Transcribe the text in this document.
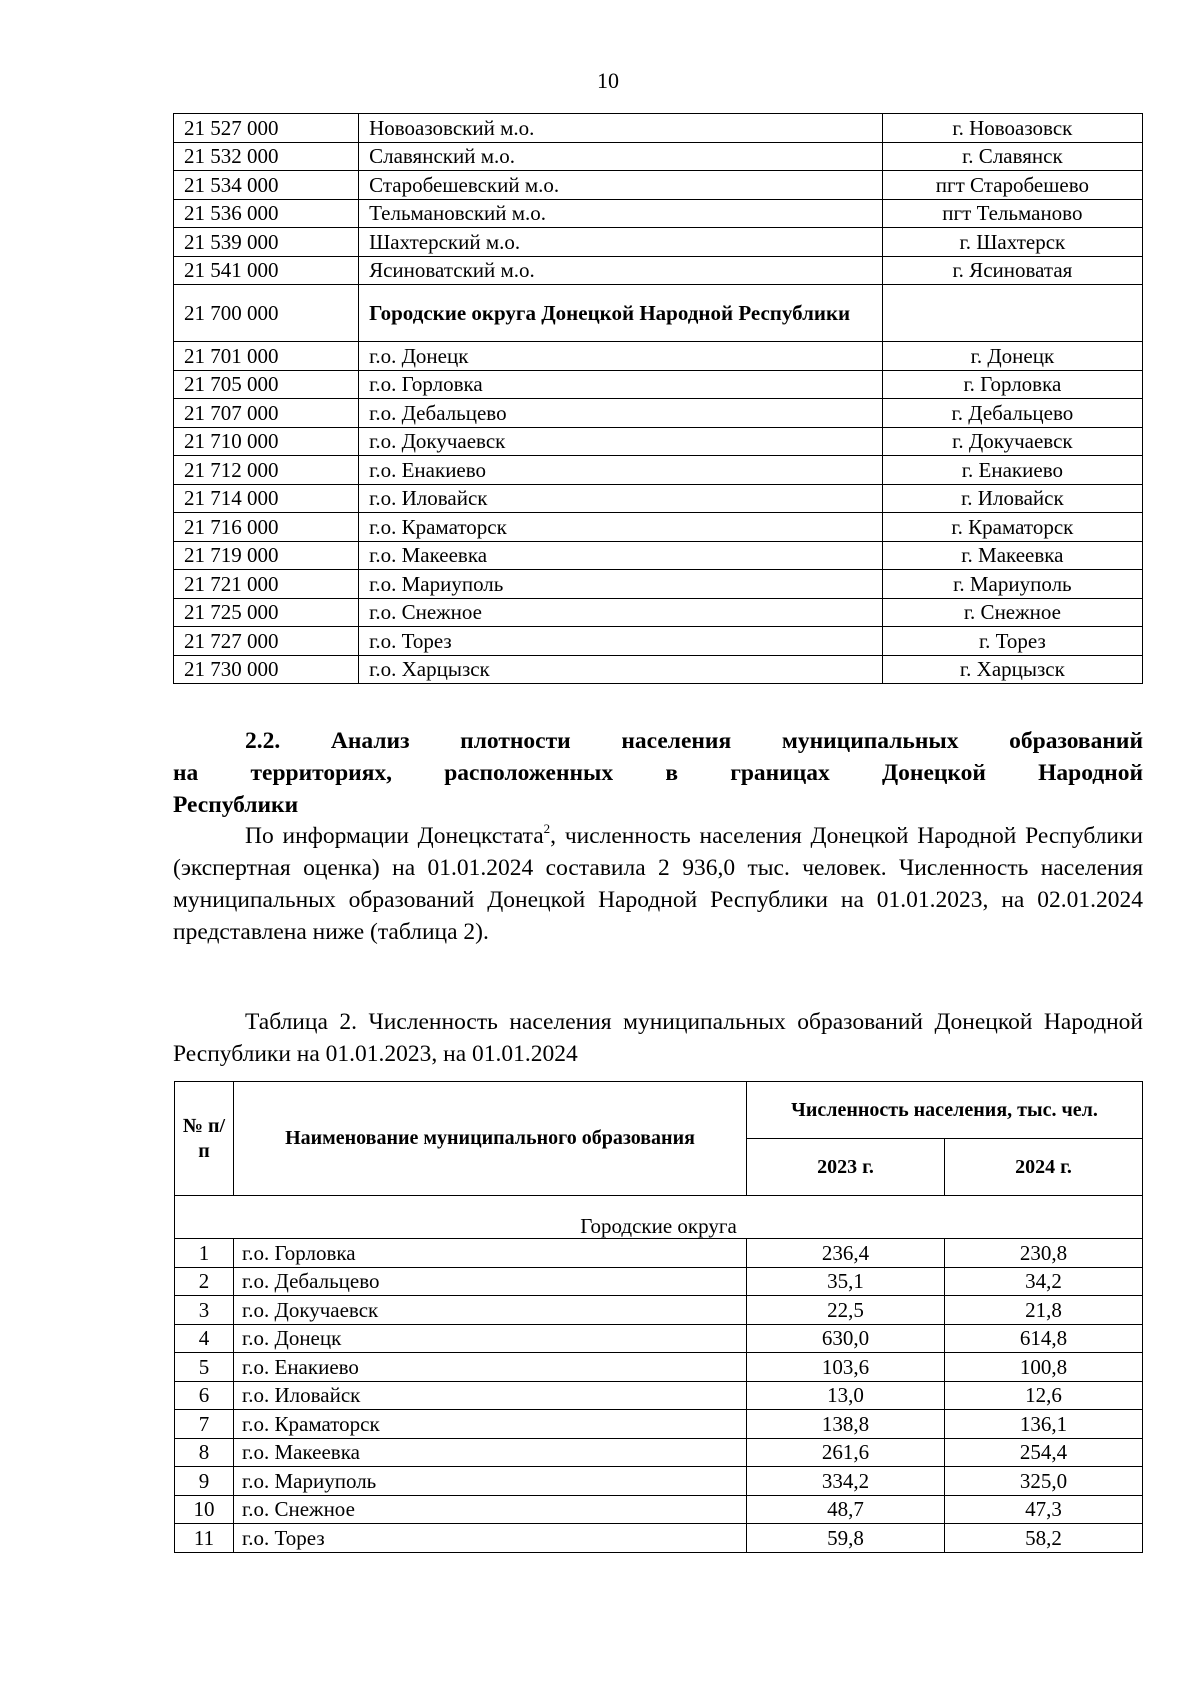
10
21 527 000	Новоазовский м.о.	г. Новоазовск
21 532 000	Славянский м.о.	г. Славянск
21 534 000	Старобешевский м.о.	пгт Старобешево
21 536 000	Тельмановский м.о.	пгт Тельманово
21 539 000	Шахтерский м.о.	г. Шахтерск
21 541 000	Ясиноватский м.о.	г. Ясиноватая
21 700 000	Городские округа Донецкой Народной Республики	
21 701 000	г.о. Донецк	г. Донецк
21 705 000	г.о. Горловка	г. Горловка
21 707 000	г.о. Дебальцево	г. Дебальцево
21 710 000	г.о. Докучаевск	г. Докучаевск
21 712 000	г.о. Енакиево	г. Енакиево
21 714 000	г.о. Иловайск	г. Иловайск
21 716 000	г.о. Краматорск	г. Краматорск
21 719 000	г.о. Макеевка	г. Макеевка
21 721 000	г.о. Мариуполь	г. Мариуполь
21 725 000	г.о. Снежное	г. Снежное
21 727 000	г.о. Торез	г. Торез
21 730 000	г.о. Харцызск	г. Харцызск
2.2. Анализ плотности населения муниципальных образований
на территориях, расположенных в границах Донецкой Народной
Республики
По информации Донецкстата$^2$, численность населения Донецкой Народной Республики (экспертная оценка) на 01.01.2024 составила 2 936,0 тыс. человек. Численность населения муниципальных образований Донецкой Народной Республики на 01.01.2023, на 02.01.2024 представлена ниже (таблица 2).
Таблица 2. Численность населения муниципальных образований Донецкой Народной Республики на 01.01.2023, на 01.01.2024
№ п/п	Наименование муниципального образования	Численность населения, тыс. чел.	
		2023 г.	2024 г.
Городские округа			
1	г.о. Горловка	236,4	230,8
2	г.о. Дебальцево	35,1	34,2
3	г.о. Докучаевск	22,5	21,8
4	г.о. Донецк	630,0	614,8
5	г.о. Енакиево	103,6	100,8
6	г.о. Иловайск	13,0	12,6
7	г.о. Краматорск	138,8	136,1
8	г.о. Макеевка	261,6	254,4
9	г.о. Мариуполь	334,2	325,0
10	г.о. Снежное	48,7	47,3
11	г.о. Торез	59,8	58,2
